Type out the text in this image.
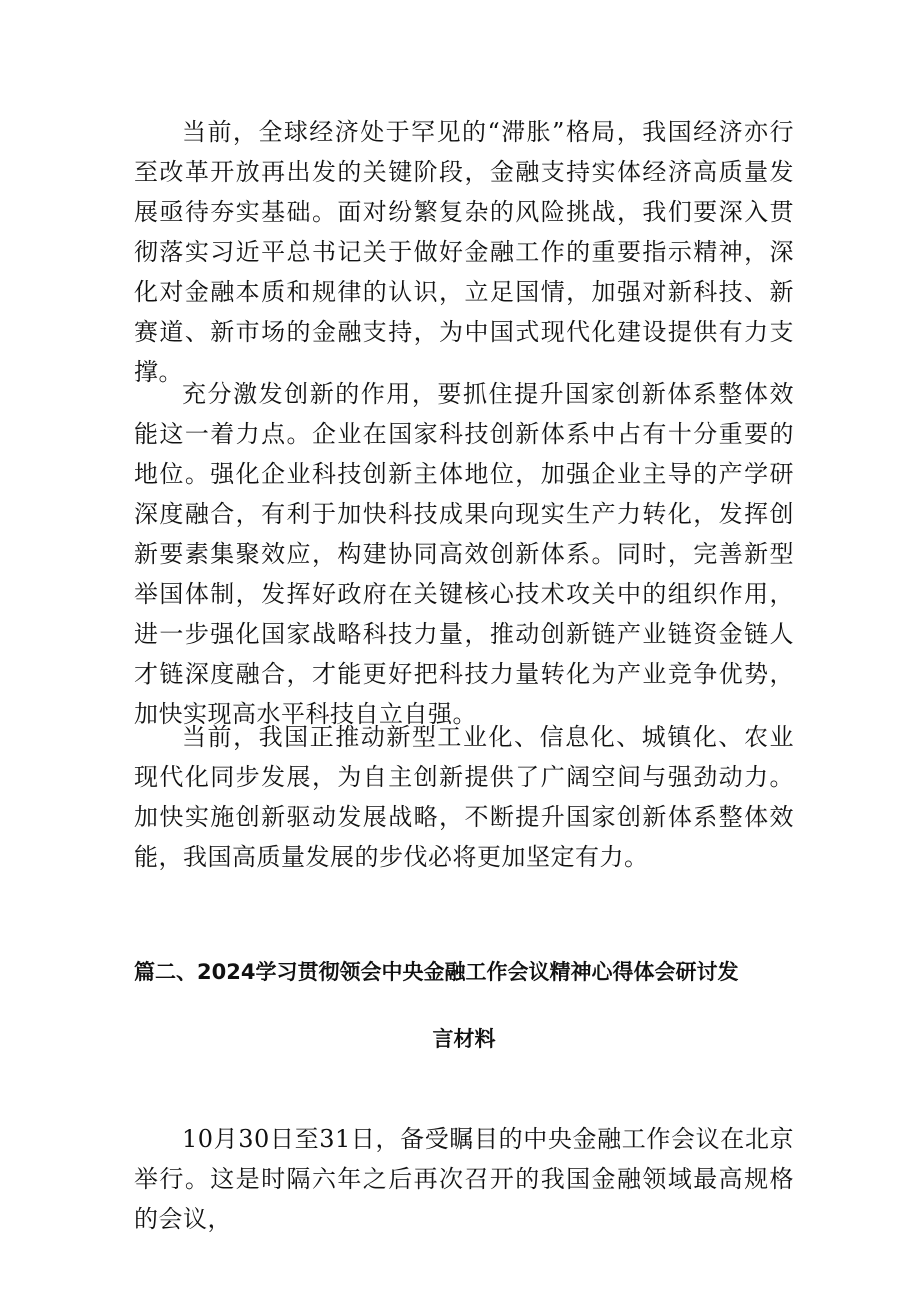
当前，全球经济处于罕见的“滞胀”格局，我国经济亦行至改革开放再出发的关键阶段，金融支持实体经济高质量发展亟待夯实基础。面对纷繁复杂的风险挑战，我们要深入贯彻落实习近平总书记关于做好金融工作的重要指示精神，深化对金融本质和规律的认识，立足国情，加强对新科技、新赛道、新市场的金融支持，为中国式现代化建设提供有力支撑。

充分激发创新的作用，要抓住提升国家创新体系整体效能这一着力点。企业在国家科技创新体系中占有十分重要的地位。强化企业科技创新主体地位，加强企业主导的产学研深度融合，有利于加快科技成果向现实生产力转化，发挥创新要素集聚效应，构建协同高效创新体系。同时，完善新型举国体制，发挥好政府在关键核心技术攻关中的组织作用，进一步强化国家战略科技力量，推动创新链产业链资金链人才链深度融合，才能更好把科技力量转化为产业竞争优势，加快实现高水平科技自立自强。

当前，我国正推动新型工业化、信息化、城镇化、农业现代化同步发展，为自主创新提供了广阔空间与强劲动力。加快实施创新驱动发展战略，不断提升国家创新体系整体效能，我国高质量发展的步伐必将更加坚定有力。

篇二、2024学习贯彻领会中央金融工作会议精神心得体会研讨发
言材料

10月30日至31日，备受瞩目的中央金融工作会议在北京举行。这是时隔六年之后再次召开的我国金融领域最高规格的会议，
